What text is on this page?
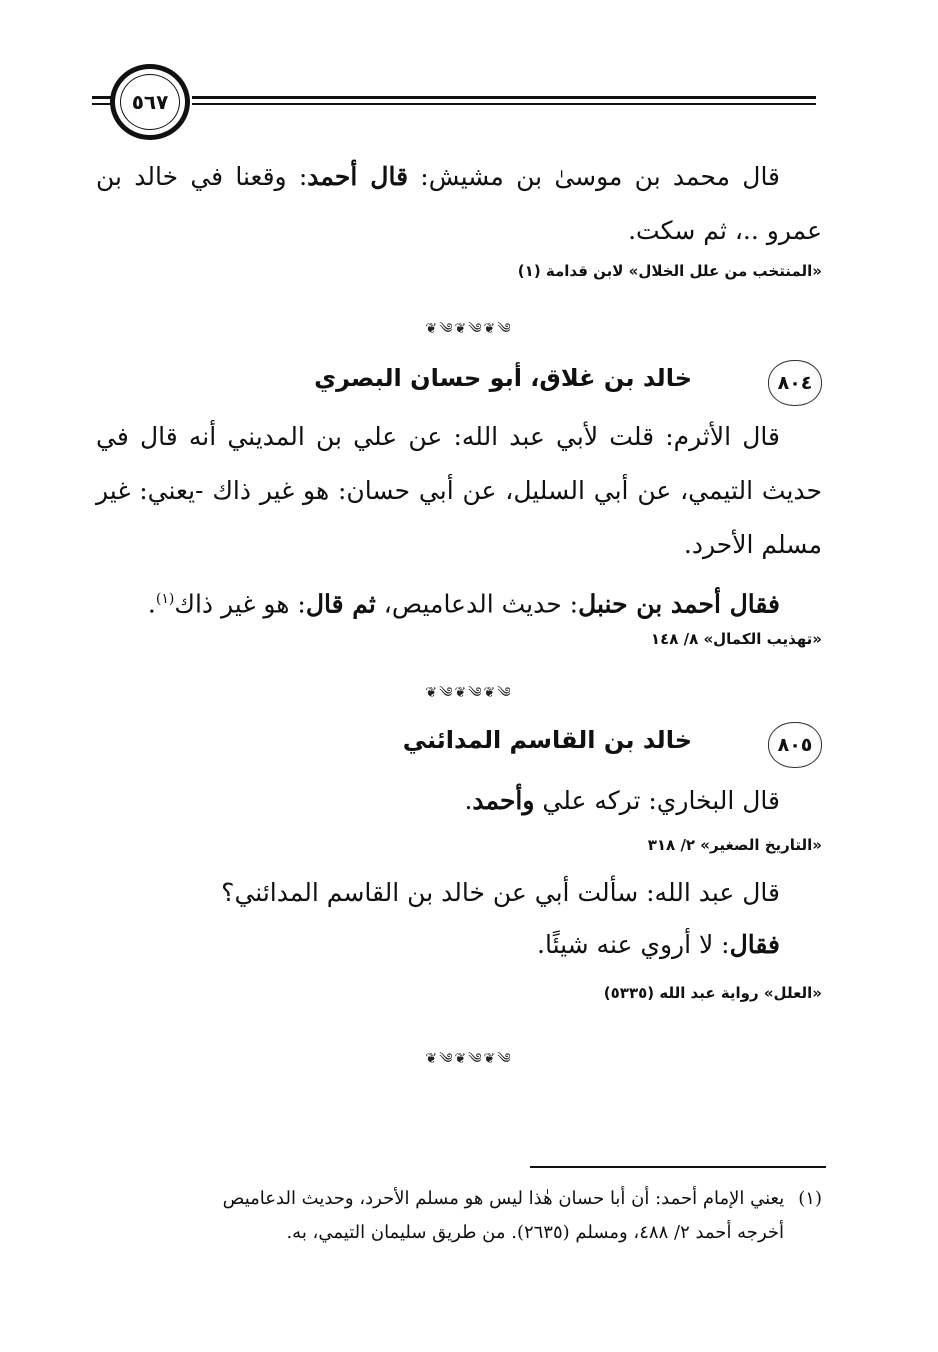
٥٦٧
قال محمد بن موسىٰ بن مشيش: قال أحمد: وقعنا في خالد بن عمرو ..، ثم سكت.
«المنتخب من علل الخلال» لابن قدامة (١)
༄❦༄❦༄❦
٨٠٤
خالد بن غلاق، أبو حسان البصري
قال الأثرم: قلت لأبي عبد الله: عن علي بن المديني أنه قال في حديث التيمي، عن أبي السليل، عن أبي حسان: هو غير ذاك -يعني: غير مسلم الأحرد.
فقال أحمد بن حنبل: حديث الدعاميص، ثم قال: هو غير ذاك$^{(١)}$.
«تهذيب الكمال» ٨/ ١٤٨
༄❦༄❦༄❦
٨٠٥
خالد بن القاسم المدائني
قال البخاري: تركه علي وأحمد.
«التاريخ الصغير» ٢/ ٣١٨
قال عبد الله: سألت أبي عن خالد بن القاسم المدائني؟
فقال: لا أروي عنه شيئًا.
«العلل» رواية عبد الله (٥٣٣٥)
༄❦༄❦༄❦
(١)يعني الإمام أحمد: أن أبا حسان هٰذا ليس هو مسلم الأحرد، وحديث الدعاميص
أخرجه أحمد ٢/ ٤٨٨، ومسلم (٢٦٣٥). من طريق سليمان التيمي، به.
